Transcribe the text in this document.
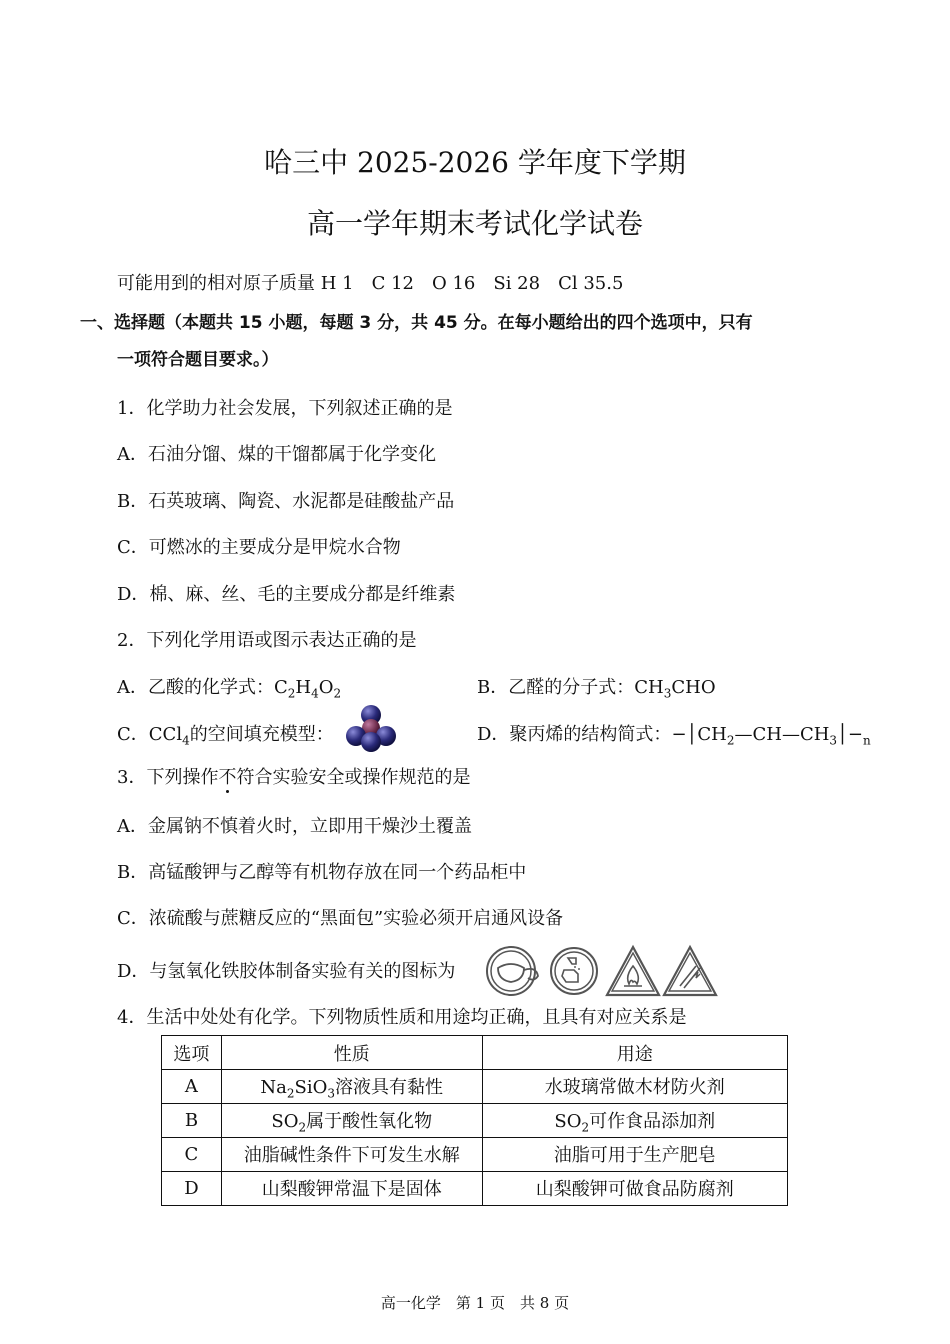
哈三中 2025-2026 学年度下学期
高一学年期末考试化学试卷
可能用到的相对原子质量 H 1　C 12　O 16　Si 28　Cl 35.5
一、选择题（本题共 15 小题，每题 3 分，共 45 分。在每小题给出的四个选项中，只有
一项符合题目要求。）
1．化学助力社会发展，下列叙述正确的是
A．石油分馏、煤的干馏都属于化学变化
B．石英玻璃、陶瓷、水泥都是硅酸盐产品
C．可燃冰的主要成分是甲烷水合物
D．棉、麻、丝、毛的主要成分都是纤维素
2．下列化学用语或图示表达正确的是
A．乙酸的化学式：$C_2H_4O_2$	B．乙醛的分子式：$CH_3CHO$
C．CCl$_4$的空间填充模型：	D．聚丙烯的结构简式：$-│CH_2—CH—CH_3│-_n$
3．下列操作不符合实验安全或操作规范的是
A．金属钠不慎着火时，立即用干燥沙土覆盖
B．高锰酸钾与乙醇等有机物存放在同一个药品柜中
C．浓硫酸与蔗糖反应的“黑面包”实验必须开启通风设备
D．与氢氧化铁胶体制备实验有关的图标为
4．生活中处处有化学。下列物质性质和用途均正确，且具有对应关系是
选项	性质	用途
A	$Na_2SiO_3$溶液具有黏性	水玻璃常做木材防火剂
B	$SO_2$属于酸性氧化物	$SO_2$可作食品添加剂
C	油脂碱性条件下可发生水解	油脂可用于生产肥皂
D	山梨酸钾常温下是固体	山梨酸钾可做食品防腐剂
高一化学　第 1 页　共 8 页
